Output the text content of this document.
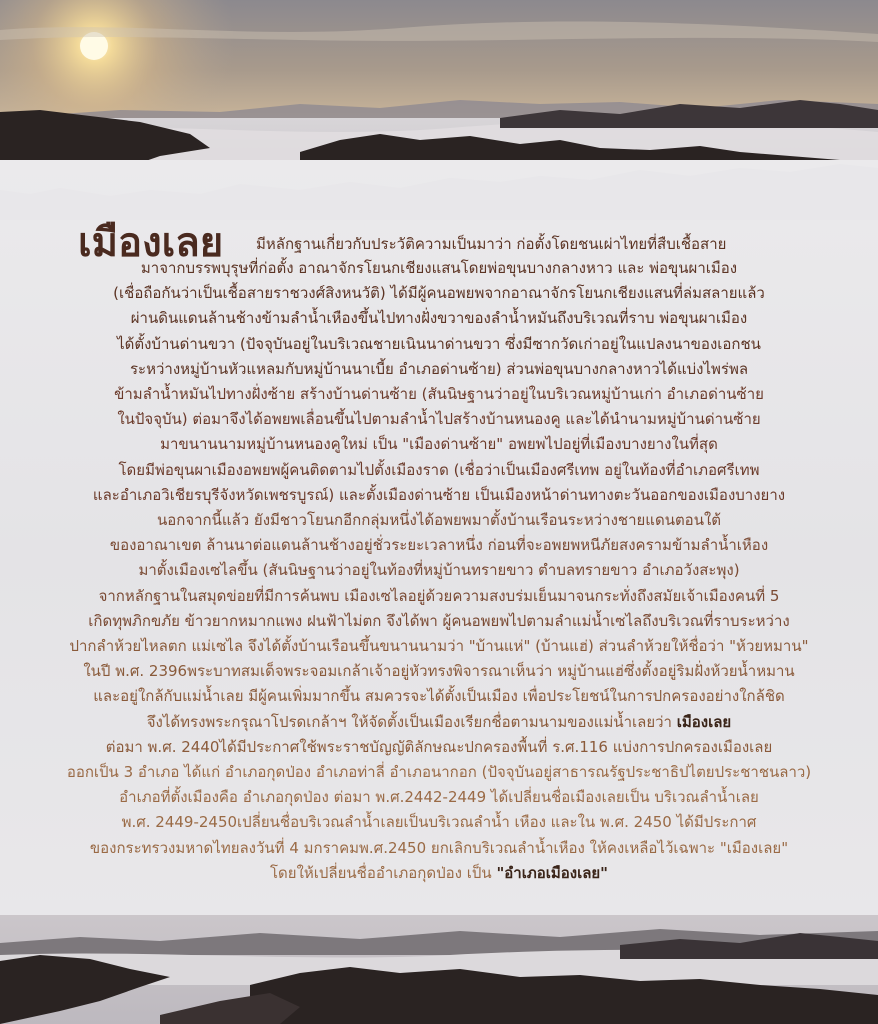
เมืองเลย มีหลักฐานเกี่ยวกับประวัติความเป็นมาว่า ก่อตั้งโดยชนเผ่าไทยที่สืบเชื้อสาย
มาจากบรรพบุรุษที่ก่อตั้ง อาณาจักรโยนกเชียงแสนโดยพ่อขุนบางกลางหาว และ พ่อขุนผาเมือง
(เชื่อถือกันว่าเป็นเชื้อสายราชวงศ์สิงหนวัติ) ได้มีผู้คนอพยพจากอาณาจักรโยนกเชียงแสนที่ล่มสลายแล้ว
ผ่านดินแดนล้านช้างข้ามลำน้ำเหืองขึ้นไปทางฝั่งขวาของลำน้ำหมันถึงบริเวณที่ราบ พ่อขุนผาเมือง
ได้ตั้งบ้านด่านขวา (ปัจจุบันอยู่ในบริเวณชายเนินนาด่านขวา ซึ่งมีซากวัดเก่าอยู่ในแปลงนาของเอกชน
ระหว่างหมู่บ้านหัวแหลมกับหมู่บ้านนาเบี้ย อำเภอด่านซ้าย) ส่วนพ่อขุนบางกลางหาวได้แบ่งไพร่พล
ข้ามลำน้ำหมันไปทางฝั่งซ้าย สร้างบ้านด่านซ้าย (สันนิษฐานว่าอยู่ในบริเวณหมู่บ้านเก่า อำเภอด่านซ้าย
ในปัจจุบัน) ต่อมาจึงได้อพยพเลื่อนขึ้นไปตามลำน้ำไปสร้างบ้านหนองคู และได้นำนามหมู่บ้านด่านซ้าย
มาขนานนามหมู่บ้านหนองคูใหม่ เป็น "เมืองด่านซ้าย" อพยพไปอยู่ที่เมืองบางยางในที่สุด
โดยมีพ่อขุนผาเมืองอพยพผู้คนติดตามไปตั้งเมืองราด (เชื่อว่าเป็นเมืองศรีเทพ อยู่ในท้องที่อำเภอศรีเทพ
และอำเภอวิเชียรบุรีจังหวัดเพชรบูรณ์) และตั้งเมืองด่านซ้าย เป็นเมืองหน้าด่านทางตะวันออกของเมืองบางยาง
นอกจากนี้แล้ว ยังมีชาวโยนกอีกกลุ่มหนึ่งได้อพยพมาตั้งบ้านเรือนระหว่างชายแดนตอนใต้
ของอาณาเขต ล้านนาต่อแดนล้านช้างอยู่ชั่วระยะเวลาหนึ่ง ก่อนที่จะอพยพหนีภัยสงครามข้ามลำน้ำเหือง
มาตั้งเมืองเซไลขึ้น (สันนิษฐานว่าอยู่ในท้องที่หมู่บ้านทรายขาว ตำบลทรายขาว อำเภอวังสะพุง)
จากหลักฐานในสมุดข่อยที่มีการค้นพบ เมืองเซไลอยู่ด้วยความสงบร่มเย็นมาจนกระทั่งถึงสมัยเจ้าเมืองคนที่ 5
เกิดทุพภิกขภัย ข้าวยากหมากแพง ฝนฟ้าไม่ตก จึงได้พา ผู้คนอพยพไปตามลำแม่น้ำเซไลถึงบริเวณที่ราบระหว่าง
ปากลำห้วยไหลตก แม่เซไล จึงได้ตั้งบ้านเรือนขึ้นขนานนามว่า "บ้านแห่" (บ้านแฮ่) ส่วนลำห้วยให้ชื่อว่า "ห้วยหมาน"
ในปี พ.ศ. 2396พระบาทสมเด็จพระจอมเกล้าเจ้าอยู่หัวทรงพิจารณาเห็นว่า หมู่บ้านแฮ่ซึ่งตั้งอยู่ริมฝั่งห้วยน้ำหมาน
และอยู่ใกล้กับแม่น้ำเลย มีผู้คนเพิ่มมากขึ้น สมควรจะได้ตั้งเป็นเมือง เพื่อประโยชน์ในการปกครองอย่างใกล้ชิด
จึงได้ทรงพระกรุณาโปรดเกล้าฯ ให้จัดตั้งเป็นเมืองเรียกชื่อตามนามของแม่น้ำเลยว่า เมืองเลย
ต่อมา พ.ศ. 2440ได้มีประกาศใช้พระราชบัญญัติลักษณะปกครองพื้นที่ ร.ศ.116 แบ่งการปกครองเมืองเลย
ออกเป็น 3 อำเภอ ได้แก่ อำเภอกุดป่อง อำเภอท่าลี่ อำเภอนากอก (ปัจจุบันอยู่สาธารณรัฐประชาธิปไตยประชาชนลาว)
อำเภอที่ตั้งเมืองคือ อำเภอกุดป่อง ต่อมา พ.ศ.2442-2449 ได้เปลี่ยนชื่อเมืองเลยเป็น บริเวณลำน้ำเลย
พ.ศ. 2449-2450เปลี่ยนชื่อบริเวณลำน้ำเลยเป็นบริเวณลำน้ำ เหือง และใน พ.ศ. 2450 ได้มีประกาศ
ของกระทรวงมหาดไทยลงวันที่ 4 มกราคมพ.ศ.2450 ยกเลิกบริเวณลำน้ำเหือง ให้คงเหลือไว้เฉพาะ "เมืองเลย"
โดยให้เปลี่ยนชื่ออำเภอกุดป่อง เป็น "อำเภอเมืองเลย"
